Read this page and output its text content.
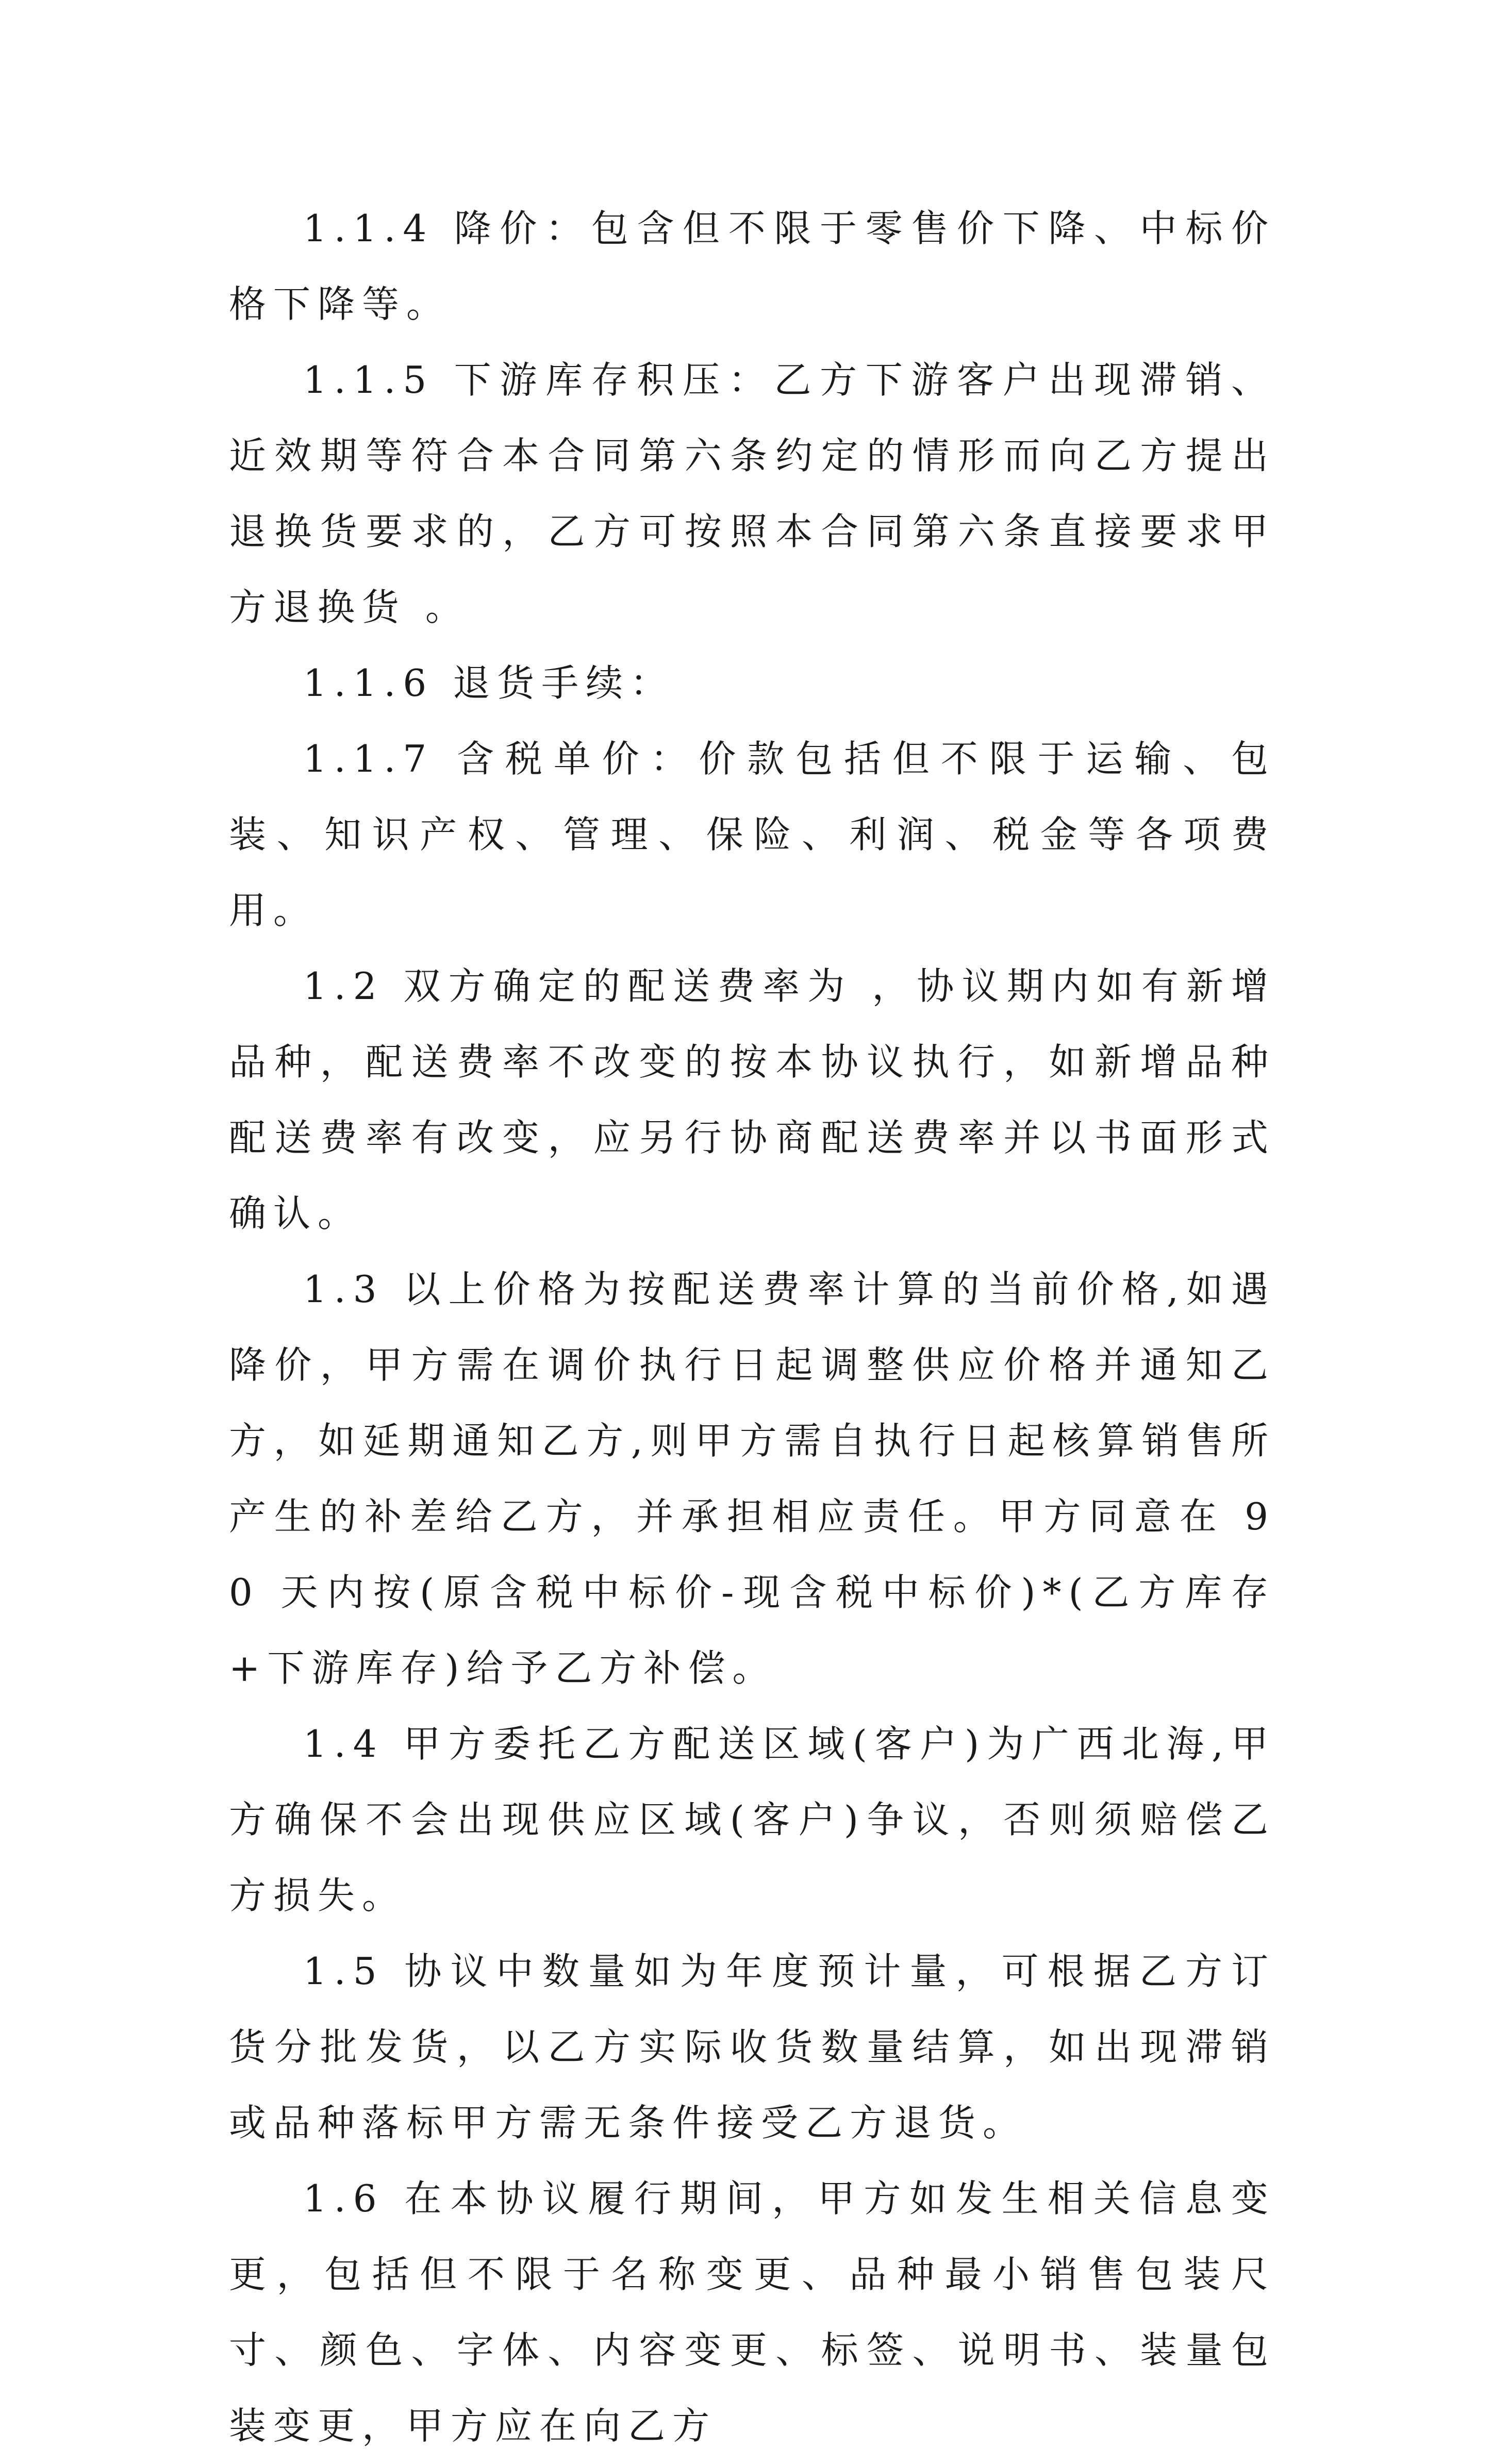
1.1.4 降价：包含但不限于零售价下降、中标价格下降等。

1.1.5 下游库存积压：乙方下游客户出现滞销、近效期等符合本合同第六条约定的情形而向乙方提出退换货要求的，乙方可按照本合同第六条直接要求甲方退换货 。

1.1.6 退货手续：

1.1.7 含税单价：价款包括但不限于运输、包装、知识产权、管理、保险、利润、税金等各项费用。

1.2 双方确定的配送费率为 ，协议期内如有新增品种，配送费率不改变的按本协议执行，如新增品种配送费率有改变，应另行协商配送费率并以书面形式确认。

1.3 以上价格为按配送费率计算的当前价格,如遇降价，甲方需在调价执行日起调整供应价格并通知乙方，如延期通知乙方,则甲方需自执行日起核算销售所产生的补差给乙方，并承担相应责任。甲方同意在 90 天内按(原含税中标价-现含税中标价)*(乙方库存+下游库存)给予乙方补偿。

1.4 甲方委托乙方配送区域(客户)为广西北海,甲方确保不会出现供应区域(客户)争议，否则须赔偿乙方损失。

1.5 协议中数量如为年度预计量，可根据乙方订货分批发货，以乙方实际收货数量结算，如出现滞销或品种落标甲方需无条件接受乙方退货。

1.6 在本协议履行期间，甲方如发生相关信息变更，包括但不限于名称变更、品种最小销售包装尺寸、颜色、字体、内容变更、标签、说明书、装量包装变更，甲方应在向乙方
